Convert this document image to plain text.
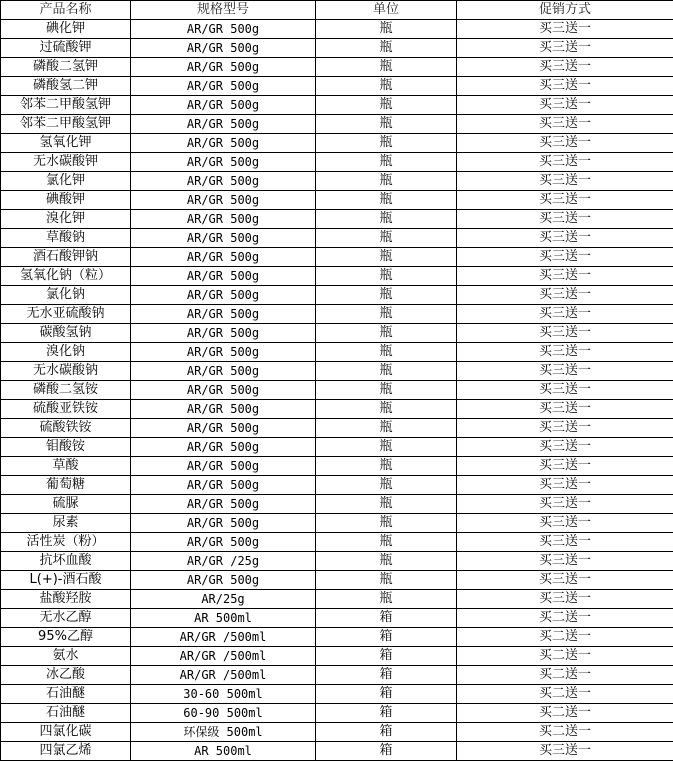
产品名称	规格型号	单位	促销方式
碘化钾	AR/GR 500g	瓶	买三送一
过硫酸钾	AR/GR 500g	瓶	买三送一
磷酸二氢钾	AR/GR 500g	瓶	买三送一
磷酸氢二钾	AR/GR 500g	瓶	买三送一
邻苯二甲酸氢钾	AR/GR 500g	瓶	买三送一
邻苯二甲酸氢钾	AR/GR 500g	瓶	买三送一
氢氧化钾	AR/GR 500g	瓶	买三送一
无水碳酸钾	AR/GR 500g	瓶	买三送一
氯化钾	AR/GR 500g	瓶	买三送一
碘酸钾	AR/GR 500g	瓶	买三送一
溴化钾	AR/GR 500g	瓶	买三送一
草酸钠	AR/GR 500g	瓶	买三送一
酒石酸钾钠	AR/GR 500g	瓶	买三送一
氢氧化钠（粒）	AR/GR 500g	瓶	买三送一
氯化钠	AR/GR 500g	瓶	买三送一
无水亚硫酸钠	AR/GR 500g	瓶	买三送一
碳酸氢钠	AR/GR 500g	瓶	买三送一
溴化钠	AR/GR 500g	瓶	买三送一
无水碳酸钠	AR/GR 500g	瓶	买三送一
磷酸二氢铵	AR/GR 500g	瓶	买三送一
硫酸亚铁铵	AR/GR 500g	瓶	买三送一
硫酸铁铵	AR/GR 500g	瓶	买三送一
钼酸铵	AR/GR 500g	瓶	买三送一
草酸	AR/GR 500g	瓶	买三送一
葡萄糖	AR/GR 500g	瓶	买三送一
硫脲	AR/GR 500g	瓶	买三送一
尿素	AR/GR 500g	瓶	买三送一
活性炭（粉）	AR/GR 500g	瓶	买三送一
抗坏血酸	AR/GR /25g	瓶	买三送一
L(+)-酒石酸	AR/GR 500g	瓶	买三送一
盐酸羟胺	AR/25g	瓶	买三送一
无水乙醇	AR 500ml	箱	买二送一
95%乙醇	AR/GR /500ml	箱	买二送一
氨水	AR/GR /500ml	箱	买二送一
冰乙酸	AR/GR /500ml	箱	买二送一
石油醚	30-60 500ml	箱	买二送一
石油醚	60-90 500ml	箱	买二送一
四氯化碳	环保级 500ml	箱	买二送一
四氯乙烯	AR 500ml	箱	买三送一
